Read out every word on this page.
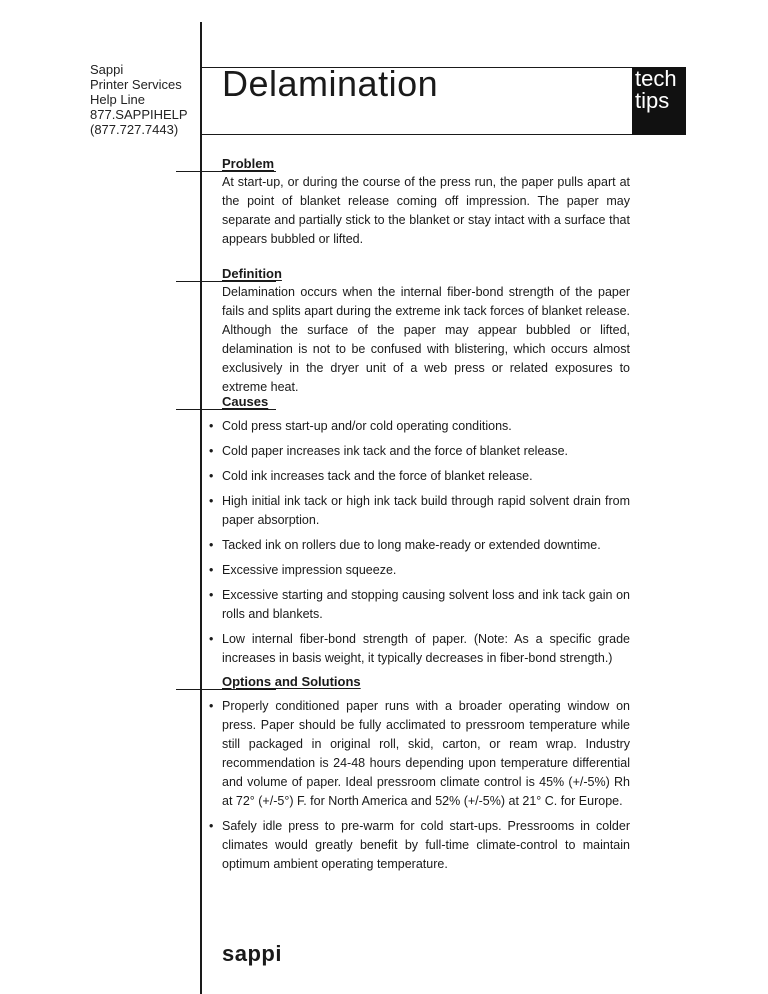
Sappi
Printer Services
Help Line
877.SAPPIHELP
(877.727.7443)
Delamination	tech
tips
Problem

At start-up, or during the course of the press run, the paper pulls apart at the point of blanket release coming off impression. The paper may separate and partially stick to the blanket or stay intact with a surface that appears bubbled or lifted.

Definition

Delamination occurs when the internal fiber-bond strength of the paper fails and splits apart during the extreme ink tack forces of blanket release. Although the surface of the paper may appear bubbled or lifted, delamination is not to be confused with blistering, which occurs almost exclusively in the dryer unit of a web press or related exposures to extreme heat.

Causes
• Cold press start-up and/or cold operating conditions.
• Cold paper increases ink tack and the force of blanket release.
• Cold ink increases tack and the force of blanket release.
• High initial ink tack or high ink tack build through rapid solvent drain from paper absorption.
• Tacked ink on rollers due to long make-ready or extended downtime.
• Excessive impression squeeze.
• Excessive starting and stopping causing solvent loss and ink tack gain on rolls and blankets.
• Low internal fiber-bond strength of paper. (Note: As a specific grade increases in basis weight, it typically decreases in fiber-bond strength.)
Options and Solutions
• Properly conditioned paper runs with a broader operating window on press. Paper should be fully acclimated to pressroom temperature while still packaged in original roll, skid, carton, or ream wrap. Industry recommendation is 24-48 hours depending upon temperature differential and volume of paper. Ideal pressroom climate control is 45% (+/-5%) Rh at 72° (+/-5°) F. for North America and 52% (+/-5%) at 21° C. for Europe.
• Safely idle press to pre-warm for cold start-ups. Pressrooms in colder climates would greatly benefit by full-time climate-control to maintain optimum ambient operating temperature.
sappi
